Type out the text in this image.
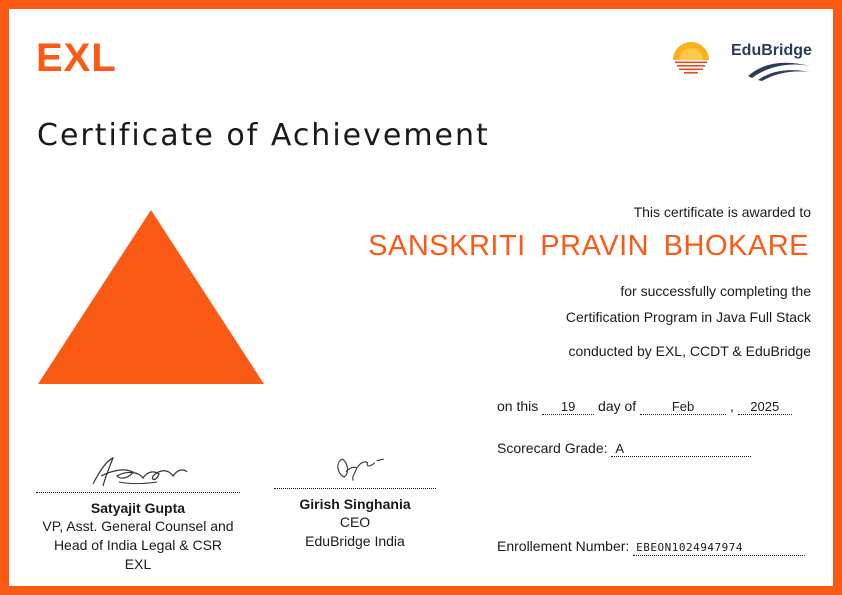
EXL	EduBridge
Certificate of Achievement
This certificate is awarded to
SANSKRITI PRAVIN BHOKARE
for successfully completing the
Certification Program in Java Full Stack
conducted by EXL, CCDT & EduBridge
on this 19 day of	Feb	, 2025
Scorecard Grade: A
Enrollement Number: EBEON1024947974
Satyajit Gupta
VP, Asst. General Counsel and
Head of India Legal & CSR
EXL
Girish Singhania
CEO
EduBridge India
